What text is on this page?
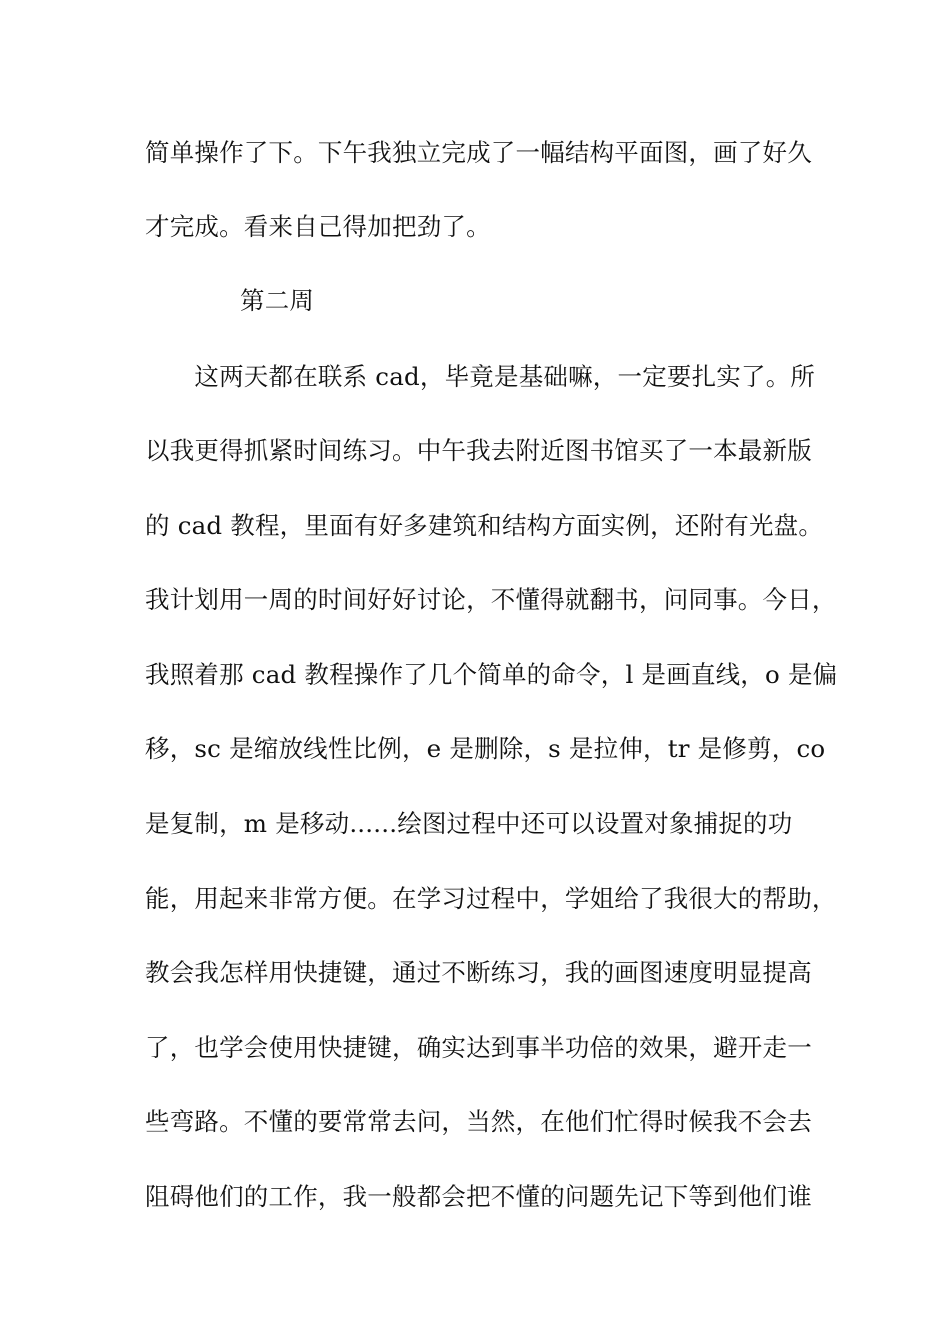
简单操作了下。下午我独立完成了一幅结构平面图，画了好久
才完成。看来自己得加把劲了。
第二周
　　这两天都在联系 cad，毕竟是基础嘛，一定要扎实了。所
以我更得抓紧时间练习。中午我去附近图书馆买了一本最新版
的 cad 教程，里面有好多建筑和结构方面实例，还附有光盘。
我计划用一周的时间好好讨论，不懂得就翻书，问同事。今日，
我照着那 cad 教程操作了几个简单的命令，l 是画直线，o 是偏
移，sc 是缩放线性比例，e 是删除，s 是拉伸，tr 是修剪，co
是复制，m 是移动......绘图过程中还可以设置对象捕捉的功
能，用起来非常方便。在学习过程中，学姐给了我很大的帮助，
教会我怎样用快捷键，通过不断练习，我的画图速度明显提高
了，也学会使用快捷键，确实达到事半功倍的效果，避开走一
些弯路。不懂的要常常去问，当然，在他们忙得时候我不会去
阻碍他们的工作，我一般都会把不懂的问题先记下等到他们谁
